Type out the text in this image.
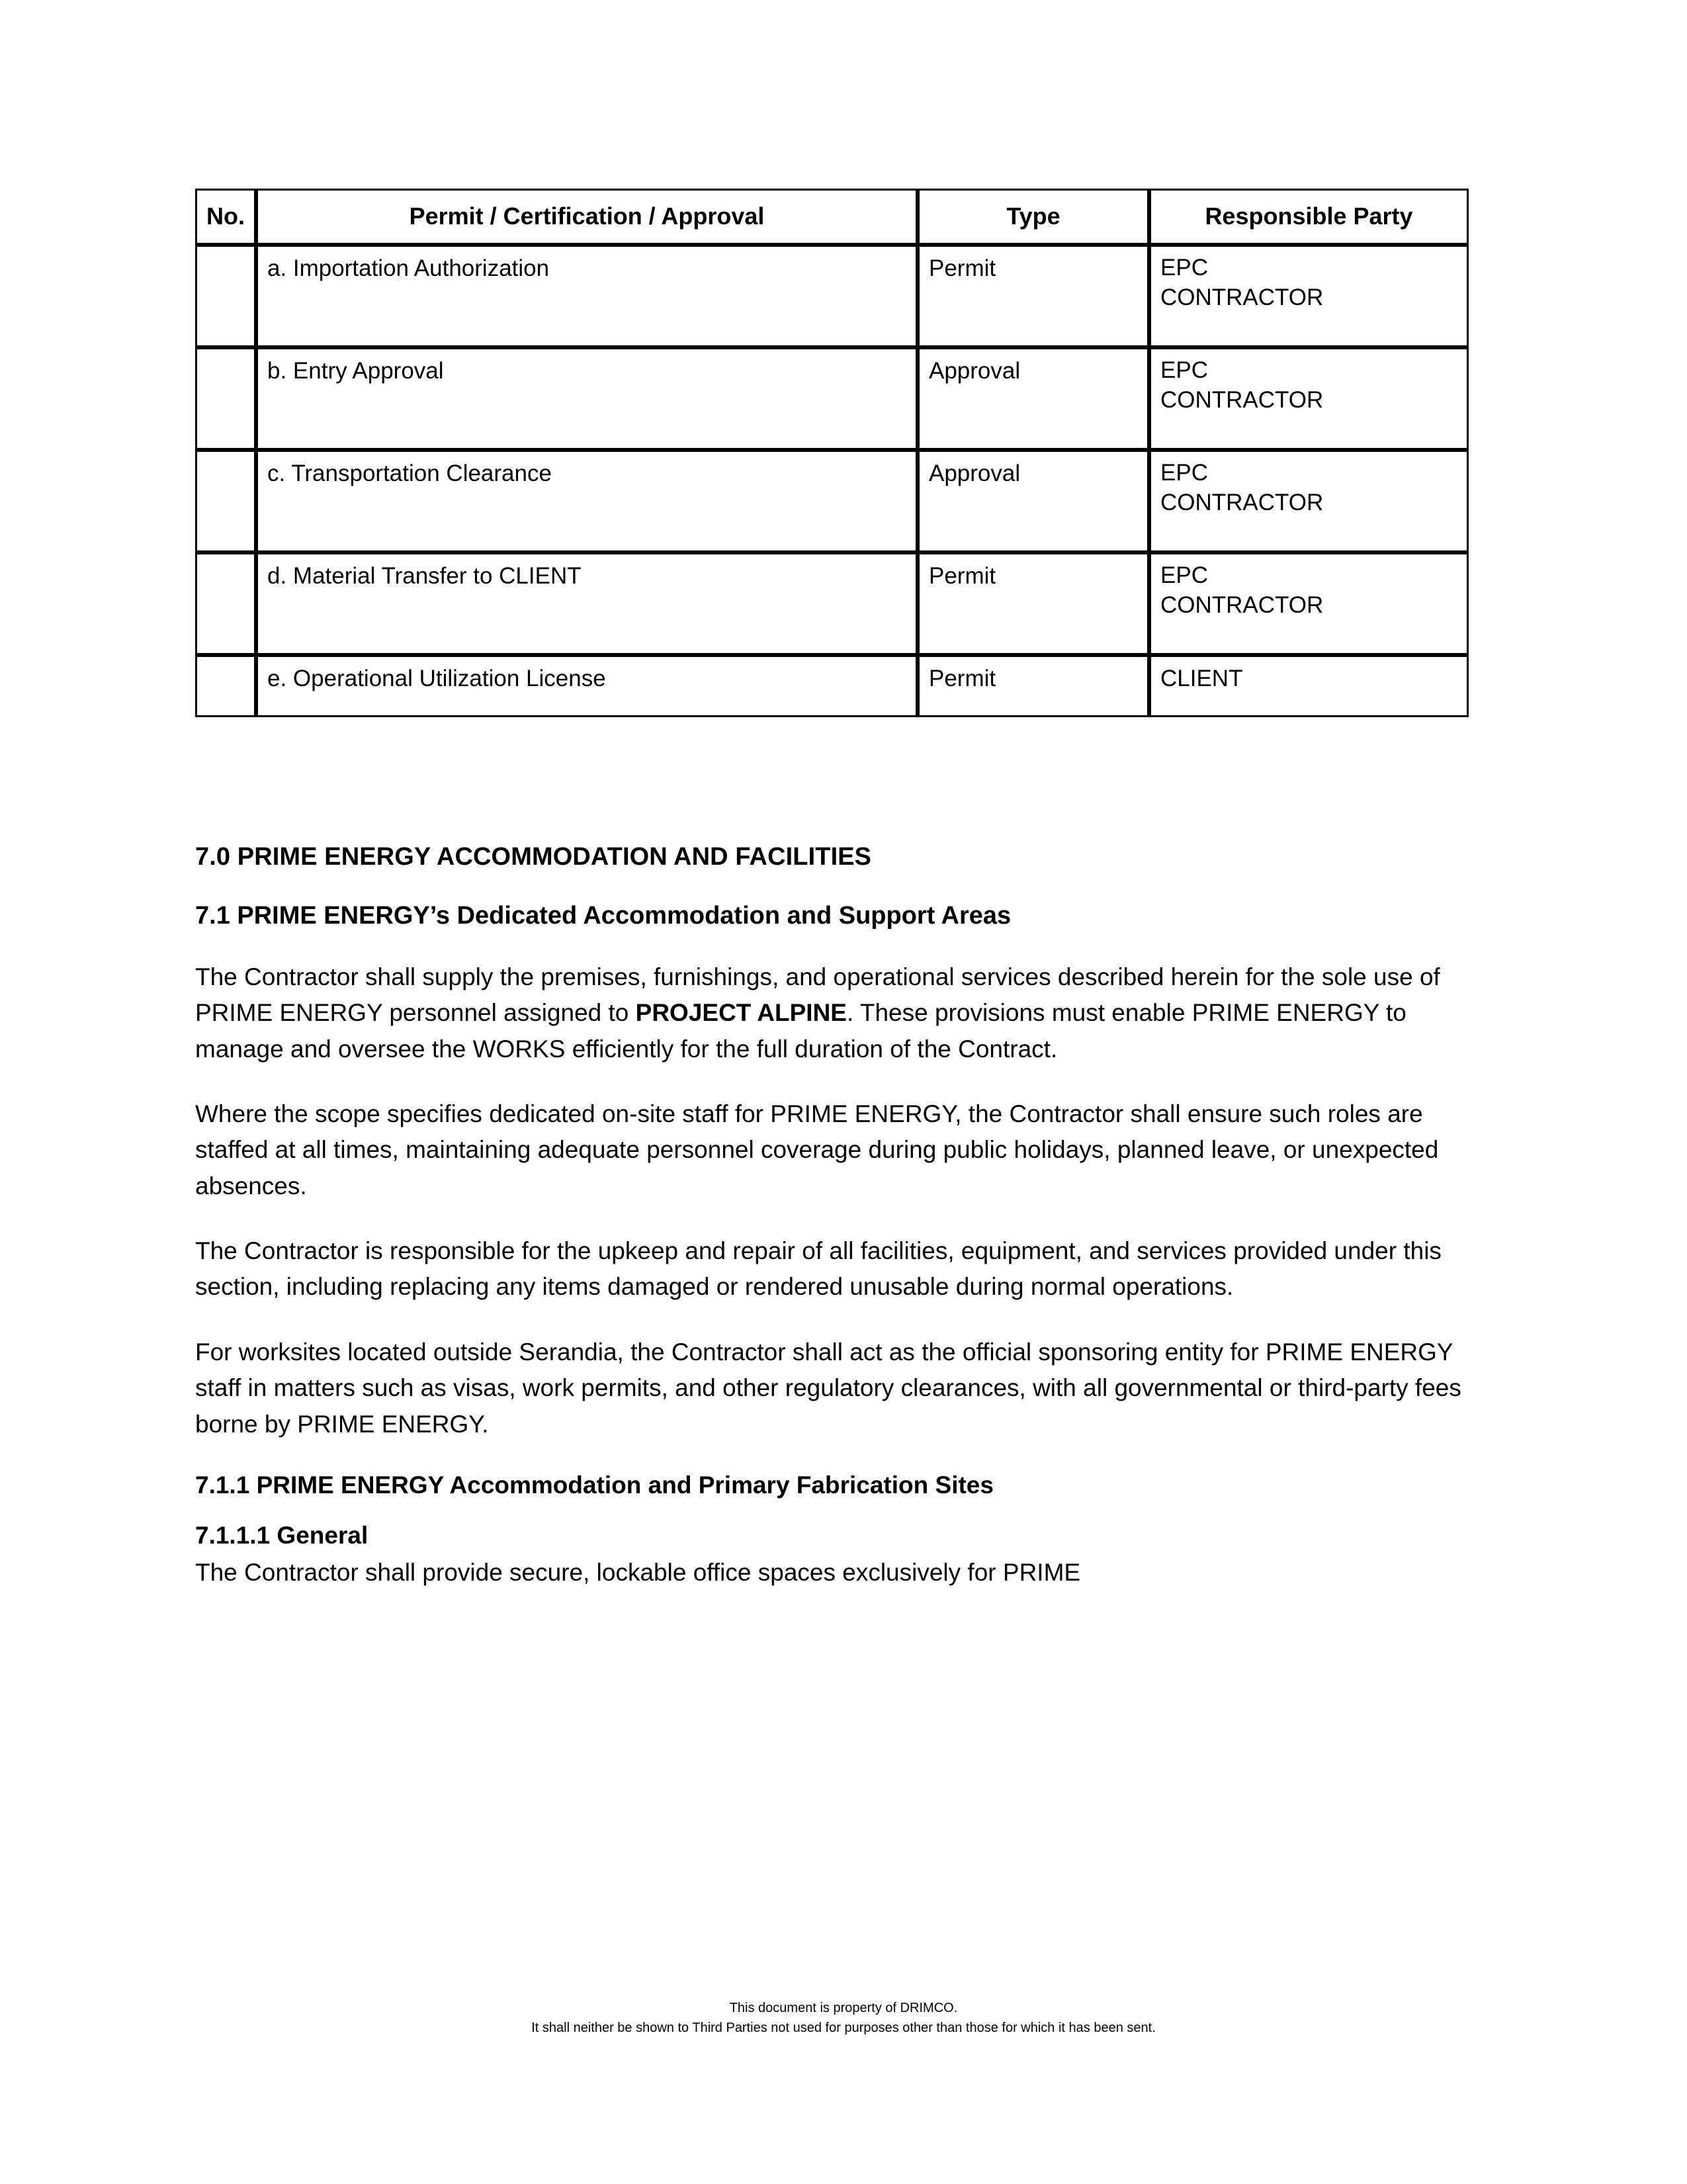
No.	Permit / Certification / Approval	Type	Responsible Party
	a. Importation Authorization	Permit	EPC
CONTRACTOR

	b. Entry Approval	Approval	EPC
CONTRACTOR

	c. Transportation Clearance	Approval	EPC
CONTRACTOR

	d. Material Transfer to CLIENT	Permit	EPC
CONTRACTOR

	e. Operational Utilization License	Permit	CLIENT
7.0 PRIME ENERGY ACCOMMODATION AND FACILITIES
7.1 PRIME ENERGY’s Dedicated Accommodation and Support Areas

The Contractor shall supply the premises, furnishings, and operational services described herein for the sole use of PRIME ENERGY personnel assigned to PROJECT ALPINE. These provisions must enable PRIME ENERGY to manage and oversee the WORKS efficiently for the full duration of the Contract.

Where the scope specifies dedicated on-site staff for PRIME ENERGY, the Contractor shall ensure such roles are staffed at all times, maintaining adequate personnel coverage during public holidays, planned leave, or unexpected absences.

The Contractor is responsible for the upkeep and repair of all facilities, equipment, and services provided under this section, including replacing any items damaged or rendered unusable during normal operations.

For worksites located outside Serandia, the Contractor shall act as the official sponsoring entity for PRIME ENERGY staff in matters such as visas, work permits, and other regulatory clearances, with all governmental or third-party fees borne by PRIME ENERGY.

7.1.1 PRIME ENERGY Accommodation and Primary Fabrication Sites
7.1.1.1 General

The Contractor shall provide secure, lockable office spaces exclusively for PRIME

This document is property of DRIMCO.
It shall neither be shown to Third Parties not used for purposes other than those for which it has been sent.
